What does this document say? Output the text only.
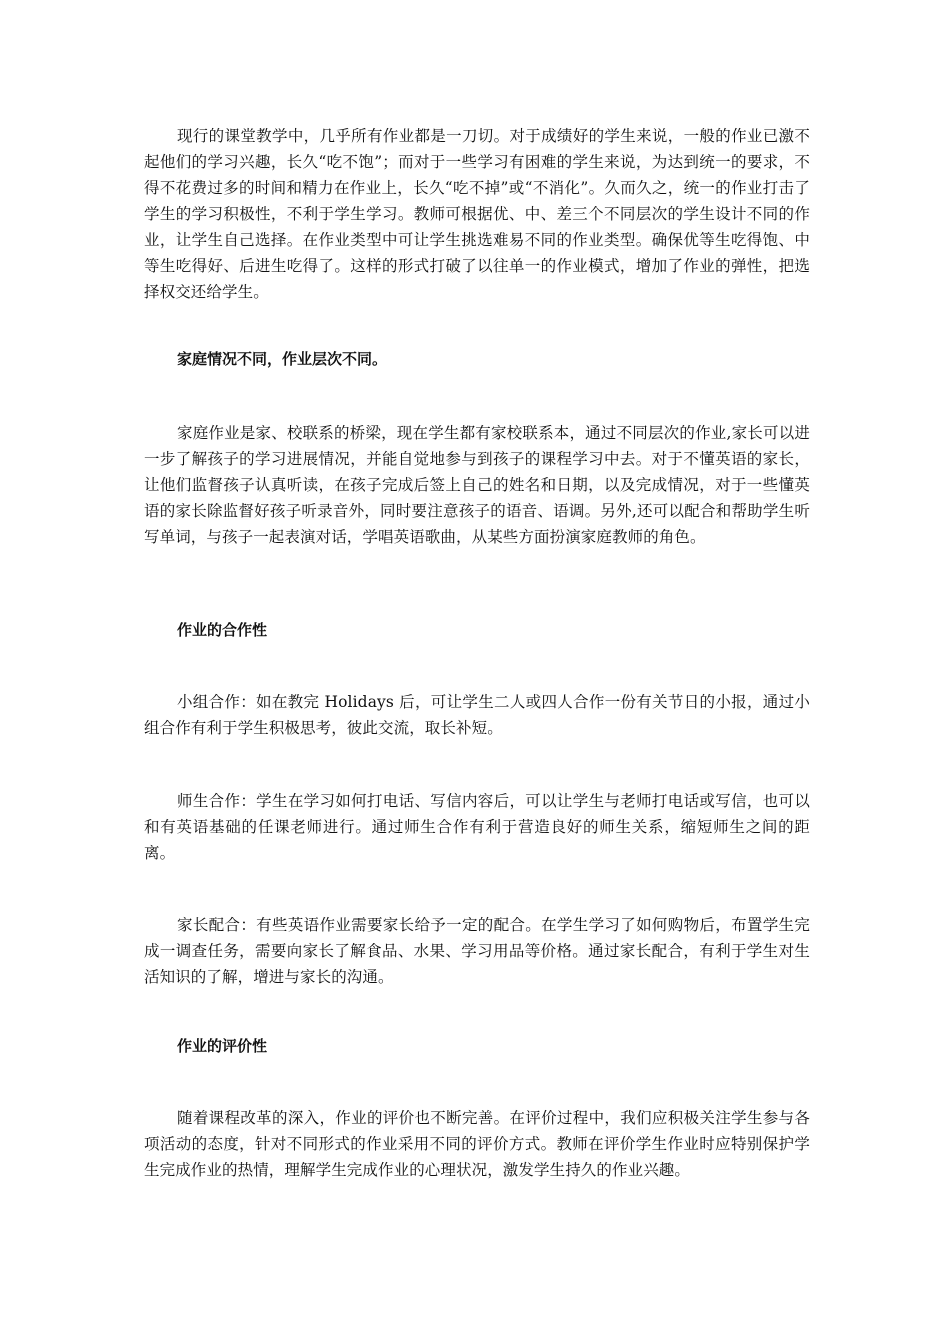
现行的课堂教学中，几乎所有作业都是一刀切。对于成绩好的学生来说，一般的作业已激不起他们的学习兴趣，长久“吃不饱”；而对于一些学习有困难的学生来说，为达到统一的要求，不得不花费过多的时间和精力在作业上，长久“吃不掉”或“不消化”。久而久之，统一的作业打击了学生的学习积极性，不利于学生学习。教师可根据优、中、差三个不同层次的学生设计不同的作业，让学生自己选择。在作业类型中可让学生挑选难易不同的作业类型。确保优等生吃得饱、中等生吃得好、后进生吃得了。这样的形式打破了以往单一的作业模式，增加了作业的弹性，把选择权交还给学生。

家庭情况不同，作业层次不同。

家庭作业是家、校联系的桥梁，现在学生都有家校联系本，通过不同层次的作业,家长可以进一步了解孩子的学习进展情况，并能自觉地参与到孩子的课程学习中去。对于不懂英语的家长，让他们监督孩子认真听读，在孩子完成后签上自己的姓名和日期，以及完成情况，对于一些懂英语的家长除监督好孩子听录音外，同时要注意孩子的语音、语调。另外,还可以配合和帮助学生听写单词，与孩子一起表演对话，学唱英语歌曲，从某些方面扮演家庭教师的角色。

作业的合作性

小组合作：如在教完 Holidays 后，可让学生二人或四人合作一份有关节日的小报，通过小组合作有利于学生积极思考，彼此交流，取长补短。

师生合作：学生在学习如何打电话、写信内容后，可以让学生与老师打电话或写信，也可以和有英语基础的任课老师进行。通过师生合作有利于营造良好的师生关系，缩短师生之间的距离。

家长配合：有些英语作业需要家长给予一定的配合。在学生学习了如何购物后，布置学生完成一调查任务，需要向家长了解食品、水果、学习用品等价格。通过家长配合，有利于学生对生活知识的了解，增进与家长的沟通。

作业的评价性

随着课程改革的深入，作业的评价也不断完善。在评价过程中，我们应积极关注学生参与各项活动的态度，针对不同形式的作业采用不同的评价方式。教师在评价学生作业时应特别保护学生完成作业的热情，理解学生完成作业的心理状况，激发学生持久的作业兴趣。
